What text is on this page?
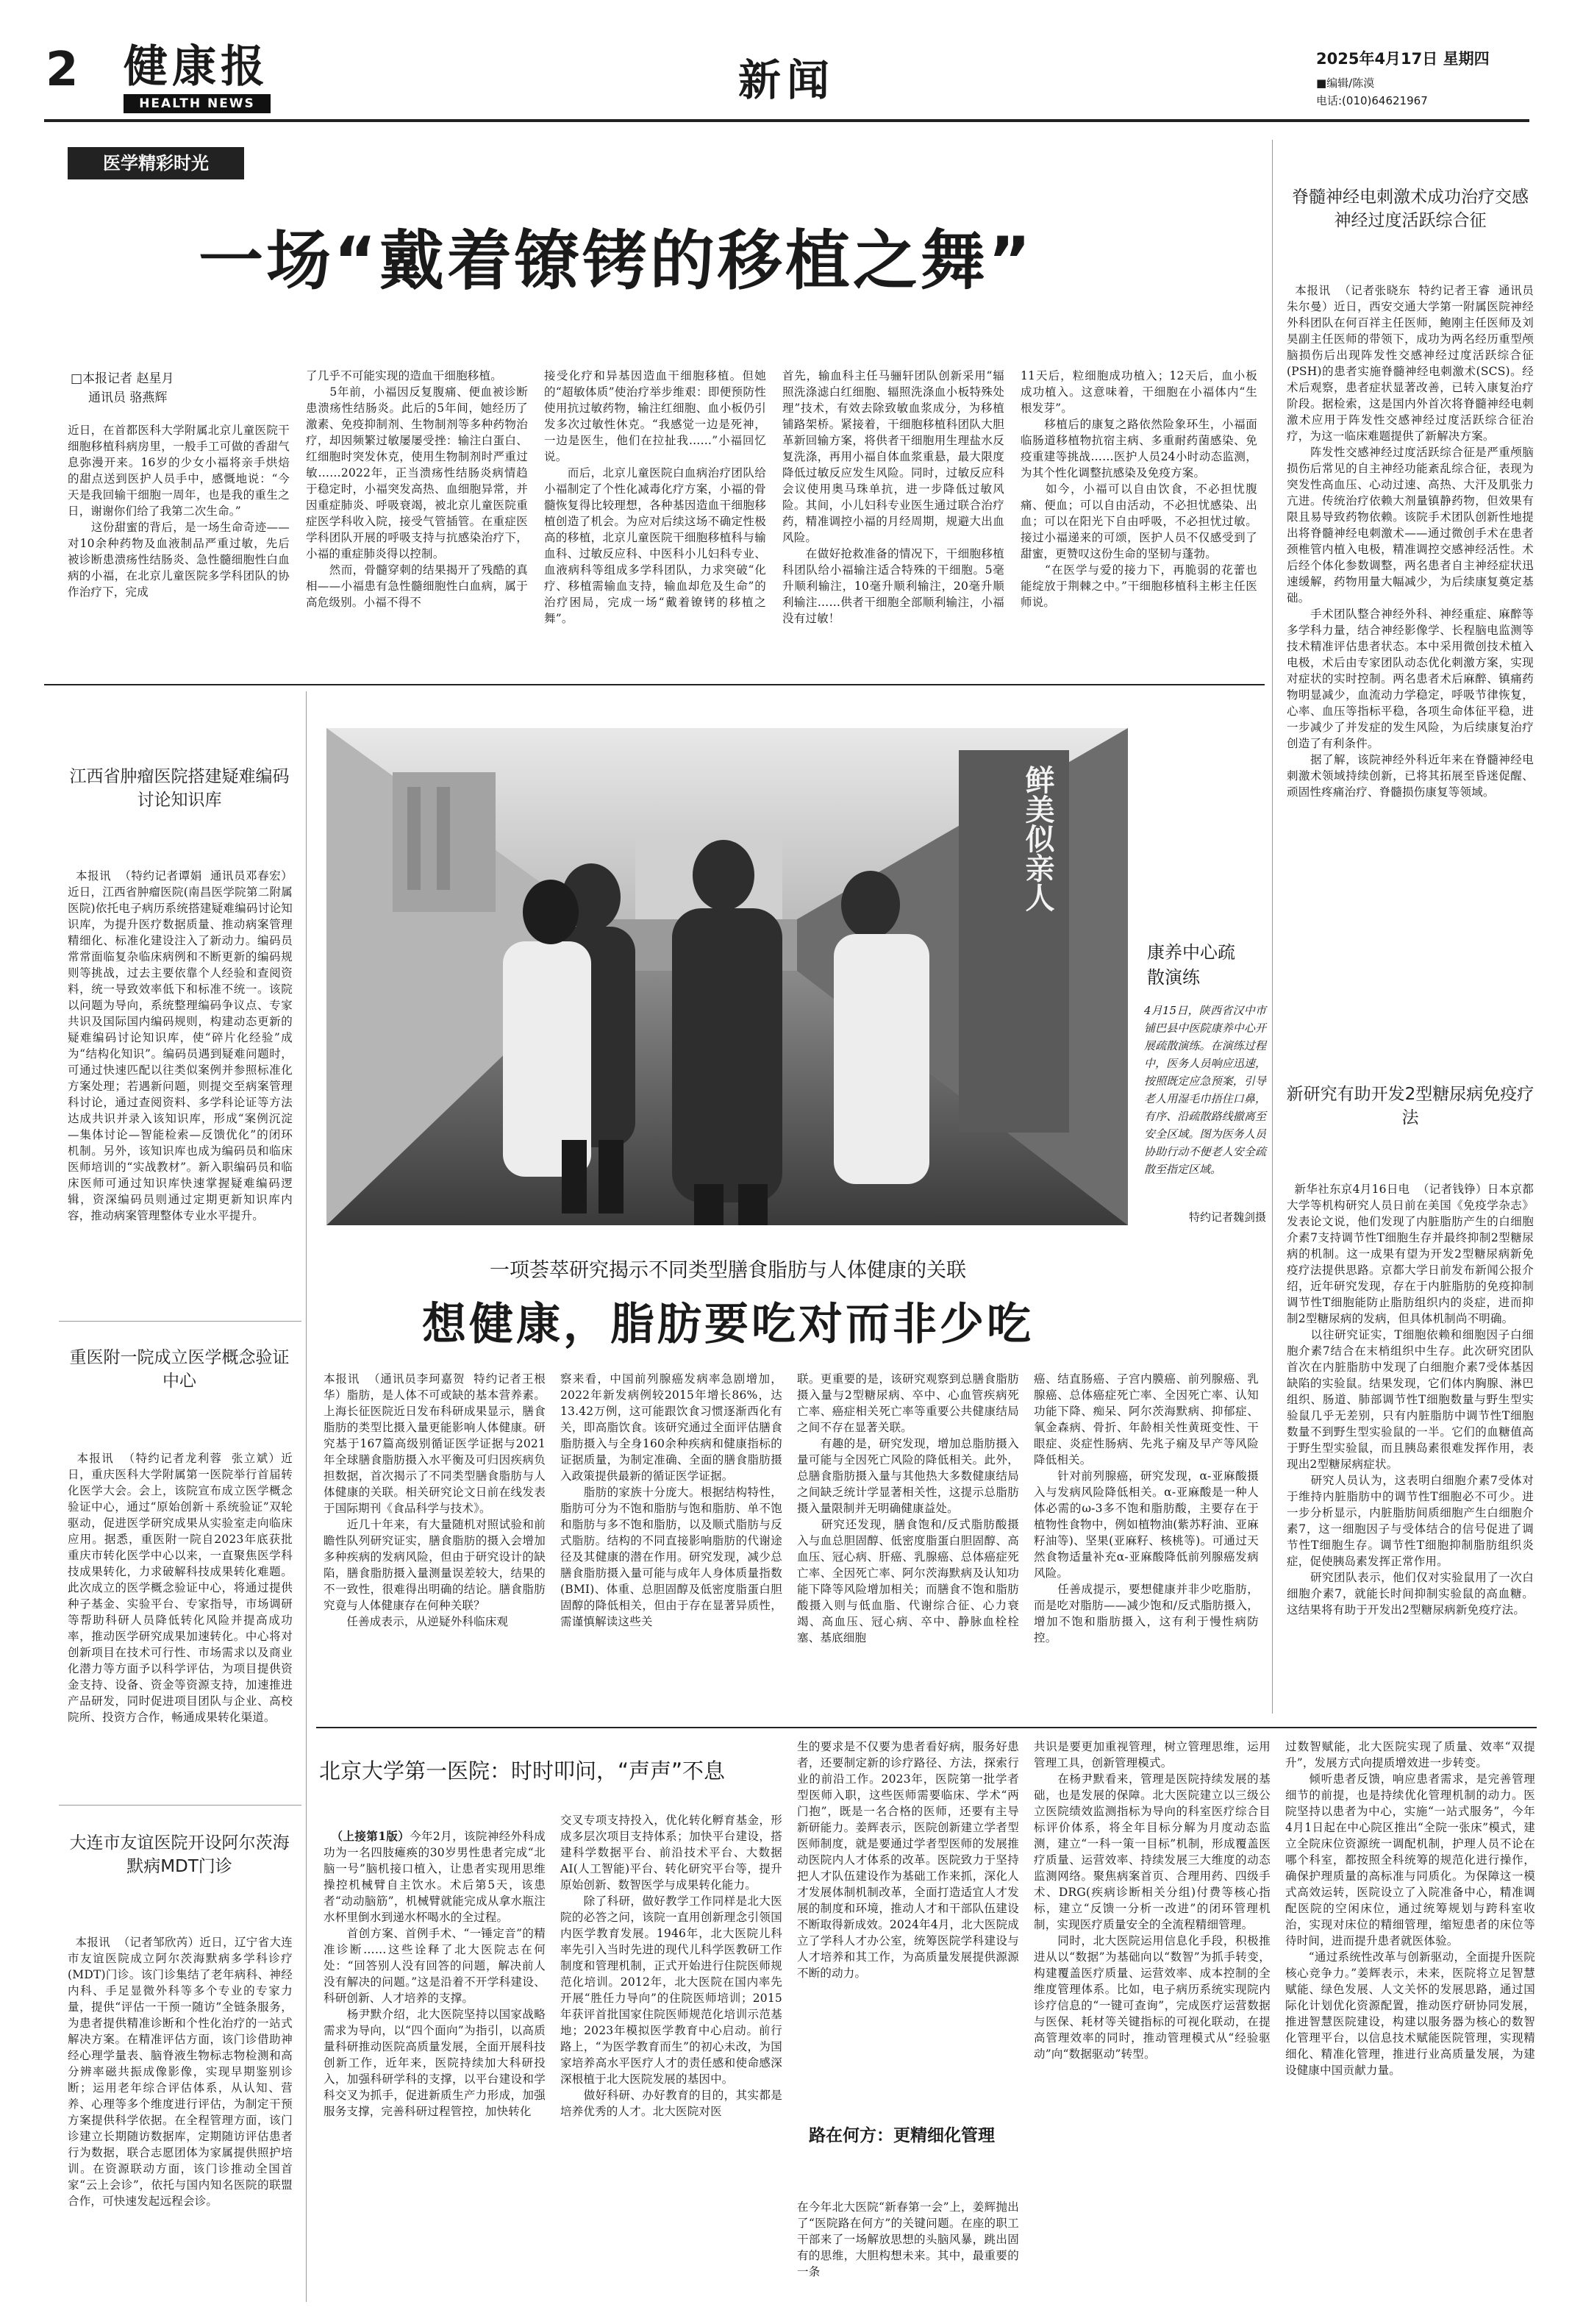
2 健康报
HEALTH NEWS	新闻	2025年4月17日 星期四
■编辑/陈漠
电话:(010)64621967
医学精彩时光
一场“戴着镣铐的移植之舞”
□本报记者 赵星月
通讯员 骆燕辉
近日，在首都医科大学附属北京儿童医院干细胞移植科病房里，一般手工可做的香甜气息弥漫开来。16岁的少女小福将亲手烘焙的甜点送到医护人员手中，感慨地说：“今天是我回输干细胞一周年，也是我的重生之日，谢谢你们给了我第二次生命。”
　　这份甜蜜的背后，是一场生命奇迹——对10余种药物及血液制品严重过敏，先后被诊断患溃疡性结肠炎、急性髓细胞性白血病的小福，在北京儿童医院多学科团队的协作治疗下，完成
了几乎不可能实现的造血干细胞移植。
　　5年前，小福因反复腹痛、便血被诊断患溃疡性结肠炎。此后的5年间，她经历了激素、免疫抑制剂、生物制剂等多种药物治疗，却因频繁过敏屡屡受挫：输注白蛋白、红细胞时突发休克，使用生物制剂时严重过敏……2022年，正当溃疡性结肠炎病情趋于稳定时，小福突发高热、血细胞异常，并因重症肺炎、呼吸衰竭，被北京儿童医院重症医学科收入院，接受气管插管。在重症医学科团队开展的呼吸支持与抗感染治疗下，小福的重症肺炎得以控制。
　　然而，骨髓穿刺的结果揭开了残酷的真相——小福患有急性髓细胞性白血病，属于高危级别。小福不得不
接受化疗和异基因造血干细胞移植。但她的“超敏体质”使治疗举步维艰：即便预防性使用抗过敏药物，输注红细胞、血小板仍引发多次过敏性休克。“我感觉一边是死神，一边是医生，他们在拉扯我……”小福回忆说。
　　而后，北京儿童医院白血病治疗团队给小福制定了个性化减毒化疗方案，小福的骨髓恢复得比较理想，各种基因造血干细胞移植创造了机会。为应对后续这场不确定性极高的移植，北京儿童医院干细胞移植科与输血科、过敏反应科、中医科小儿妇科专业、血液病科等组成多学科团队，力求突破“化疗、移植需输血支持，输血却危及生命”的治疗困局，完成一场“戴着镣铐的移植之舞”。
首先，输血科主任马骊轩团队创新采用“辐照洗涤滤白红细胞、辐照洗涤血小板特殊处理”技术，有效去除致敏血浆成分，为移植铺路架桥。紧接着，干细胞移植科团队大胆革新回输方案，将供者干细胞用生理盐水反复洗涤，再用小福自体血浆重悬，最大限度降低过敏反应发生风险。同时，过敏反应科会议使用奥马珠单抗，进一步降低过敏风险。其间，小儿妇科专业医生通过联合治疗药，精准调控小福的月经周期，规避大出血风险。
　　在做好抢救准备的情况下，干细胞移植科团队给小福输注适合特殊的干细胞。5毫升顺利输注，10毫升顺利输注，20毫升顺利输注……供者干细胞全部顺利输注，小福没有过敏！
11天后，粒细胞成功植入；12天后，血小板成功植入。这意味着，干细胞在小福体内“生根发芽”。
　　移植后的康复之路依然险象环生，小福面临肠道移植物抗宿主病、多重耐药菌感染、免疫重建等挑战……医护人员24小时动态监测，为其个性化调整抗感染及免疫方案。
　　如今，小福可以自由饮食，不必担忧腹痛、便血；可以自由活动，不必担忧感染、出血；可以在阳光下自由呼吸，不必担忧过敏。接过小福递来的可颂，医护人员不仅感受到了甜蜜，更赞叹这份生命的坚韧与蓬勃。
　　“在医学与爱的接力下，再脆弱的花蕾也能绽放于荆棘之中。”干细胞移植科主彬主任医师说。
脊髓神经电刺激术成功治疗交感神经过度活跃综合征

本报讯  （记者张晓东  特约记者王睿  通讯员朱尔曼）近日，西安交通大学第一附属医院神经外科团队在何百祥主任医师，鲍刚主任医师及刘昊副主任医师的带领下，成功为两名经历重型颅脑损伤后出现阵发性交感神经过度活跃综合征(PSH)的患者实施脊髓神经电刺激术(SCS)。经术后观察，患者症状显著改善，已转入康复治疗阶段。据检索，这是国内外首次将脊髓神经电刺激术应用于阵发性交感神经过度活跃综合征治疗，为这一临床难题提供了新解决方案。
　　阵发性交感神经过度活跃综合征是严重颅脑损伤后常见的自主神经功能紊乱综合征，表现为突发性高血压、心动过速、高热、大汗及肌张力亢进。传统治疗依赖大剂量镇静药物，但效果有限且易导致药物依赖。该院手术团队创新性地提出将脊髓神经电刺激术——通过微创手术在患者颈椎管内植入电极，精准调控交感神经活性。术后经个体化参数调整，两名患者自主神经症状迅速缓解，药物用量大幅减少，为后续康复奠定基础。
　　手术团队整合神经外科、神经重症、麻醉等多学科力量，结合神经影像学、长程脑电监测等技术精准评估患者状态。本中采用微创技术植入电极，术后由专家团队动态优化刺激方案，实现对症状的实时控制。两名患者术后麻醉、镇痛药物明显减少，血流动力学稳定，呼吸节律恢复，心率、血压等指标平稳，各项生命体征平稳，进一步减少了并发症的发生风险，为后续康复治疗创造了有利条件。
　　据了解，该院神经外科近年来在脊髓神经电刺激术领域持续创新，已将其拓展至昏迷促醒、顽固性疼痛治疗、脊髓损伤康复等领域。

新研究有助开发2型糖尿病免疫疗法

新华社东京4月16日电  （记者钱铮）日本京都大学等机构研究人员日前在美国《免疫学杂志》发表论文说，他们发现了内脏脂肪产生的白细胞介素7支持调节性T细胞生存并最终抑制2型糖尿病的机制。这一成果有望为开发2型糖尿病新免疫疗法提供思路。京都大学日前发布新闻公报介绍，近年研究发现，存在于内脏脂肪的免疫抑制调节性T细胞能防止脂肪组织内的炎症，进而抑制2型糖尿病的发病，但具体机制尚不明确。
　　以往研究证实，T细胞依赖和细胞因子白细胞介素7结合在末梢组织中生存。此次研究团队首次在内脏脂肪中发现了白细胞介素7受体基因缺陷的实验鼠。结果发现，它们体内胸腺、淋巴组织、肠道、肺部调节性T细胞数量与野生型实验鼠几乎无差别，只有内脏脂肪中调节性T细胞数量不到野生型实验鼠的一半。它们的血糖值高于野生型实验鼠，而且胰岛素很难发挥作用，表现出2型糖尿病症状。
　　研究人员认为，这表明白细胞介素7受体对于维持内脏脂肪中的调节性T细胞必不可少。进一步分析显示，内脏脂肪间质细胞产生白细胞介素7，这一细胞因子与受体结合的信号促进了调节性T细胞生存。调节性T细胞抑制脂肪组织炎症，促使胰岛素发挥正常作用。
　　研究团队表示，他们仅对实验鼠用了一次白细胞介素7，就能长时间抑制实验鼠的高血糖。这结果将有助于开发出2型糖尿病新免疫疗法。

江西省肿瘤医院搭建疑难编码讨论知识库

本报讯  （特约记者谭娟  通讯员邓春宏）近日，江西省肿瘤医院(南昌医学院第二附属医院)依托电子病历系统搭建疑难编码讨论知识库，为提升医疗数据质量、推动病案管理精细化、标准化建设注入了新动力。编码员常常面临复杂临床病例和不断更新的编码规则等挑战，过去主要依靠个人经验和查阅资料，统一导致效率低下和标准不统一。该院以问题为导向，系统整理编码争议点、专家共识及国际国内编码规则，构建动态更新的疑难编码讨论知识库，使“碎片化经验”成为“结构化知识”。编码员遇到疑难问题时，可通过快速匹配以往类似案例并参照标准化方案处理；若遇新问题，则提交至病案管理科讨论，通过查阅资料、多学科论证等方法达成共识并录入该知识库，形成“案例沉淀—集体讨论—智能检索—反馈优化”的闭环机制。另外，该知识库也成为编码员和临床医师培训的“实战教材”。新入职编码员和临床医师可通过知识库快速掌握疑难编码逻辑，资深编码员则通过定期更新知识库内容，推动病案管理整体专业水平提升。

重医附一院成立医学概念验证中心

本报讯  （特约记者龙利蓉  张立斌）近日，重庆医科大学附属第一医院举行首届转化医学大会。会上，该院宣布成立医学概念验证中心，通过“原始创新＋系统验证”双轮驱动，促进医学研究成果从实验室走向临床应用。据悉，重医附一院自2023年底获批重庆市转化医学中心以来，一直聚焦医学科技成果转化，力求破解科技成果转化难题。此次成立的医学概念验证中心，将通过提供种子基金、实验平台、专家指导，市场调研等帮助科研人员降低转化风险并提高成功率，推动医学研究成果加速转化。中心将对创新项目在技术可行性、市场需求以及商业化潜力等方面予以科学评估，为项目提供资金支持、设备、资金等资源支持，加速推进产品研发，同时促进项目团队与企业、高校院所、投资方合作，畅通成果转化渠道。

大连市友谊医院开设阿尔茨海默病MDT门诊

本报讯  （记者邹欣芮）近日，辽宁省大连市友谊医院成立阿尔茨海默病多学科诊疗(MDT)门诊。该门诊集结了老年病科、神经内科、手足显微外科等多个专业的专家力量，提供“评估一干预一随访”全链条服务，为患者提供精准诊断和个性化治疗的一站式解决方案。在精准评估方面，该门诊借助神经心理学量表、脑脊液生物标志物检测和高分辨率磁共振成像影像，实现早期鉴别诊断；运用老年综合评估体系，从认知、营养、心理等多个维度进行评估，为制定干预方案提供科学依据。在全程管理方面，该门诊建立长期随访数据库，定期随访评估患者行为数据，联合志愿团体为家属提供照护培训。在资源联动方面，该门诊推动全国首家“云上会诊”，依托与国内知名医院的联盟合作，可快速发起远程会诊。

鲜美似亲人
康养中心疏散演练
4月15日，陕西省汉中市铺巴县中医院康养中心开展疏散演练。在演练过程中，医务人员响应迅速，按照既定应急预案，引导老人用湿毛巾捂住口鼻，有序、沿疏散路线撤离至安全区域。图为医务人员协助行动不便老人安全疏散至指定区域。
特约记者魏剑摄
一项荟萃研究揭示不同类型膳食脂肪与人体健康的关联
想健康，脂肪要吃对而非少吃
本报讯  （通讯员李珂嘉贺  特约记者王根华）脂肪，是人体不可或缺的基本营养素。上海长征医院近日发布科研成果显示，膳食脂肪的类型比摄入量更能影响人体健康。研究基于167篇高级别循证医学证据与2021年全球膳食脂肪摄入水平衡及可归因疾病负担数据，首次揭示了不同类型膳食脂肪与人体健康的关联。相关研究论文日前在线发表于国际期刊《食品科学与技术》。
　　近几十年来，有大量随机对照试验和前瞻性队列研究证实，膳食脂肪的摄入会增加多种疾病的发病风险，但由于研究设计的缺陷，膳食脂肪摄入量测量误差较大，结果的不一致性，很难得出明确的结论。膳食脂肪究竟与人体健康存在何种关联？
　　任善成表示，从逆疑外科临床观
察来看，中国前列腺癌发病率急剧增加，2022年新发病例较2015年增长86%，达13.42万例，这可能跟饮食习惯逐渐西化有关，即高脂饮食。该研究通过全面评估膳食脂肪摄入与全身160余种疾病和健康指标的证据质量，为制定准确、全面的膳食脂肪摄入政策提供最新的循证医学证据。
　　脂肪的家族十分庞大。根据结构特性，脂肪可分为不饱和脂肪与饱和脂肪、单不饱和脂肪与多不饱和脂肪，以及顺式脂肪与反式脂肪。结构的不同直接影响脂肪的代谢途径及其健康的潜在作用。研究发现，减少总膳食脂肪摄入量可能与成年人身体质量指数(BMI)、体重、总胆固醇及低密度脂蛋白胆固醇的降低相关，但由于存在显著异质性，需谨慎解读这些关
联。更重要的是，该研究观察到总膳食脂肪摄入量与2型糖尿病、卒中、心血管疾病死亡率、癌症相关死亡率等重要公共健康结局之间不存在显著关联。
　　有趣的是，研究发现，增加总脂肪摄入量可能与全因死亡风险的降低相关。此外，总膳食脂肪摄入量与其他热大多数健康结局之间缺乏统计学显著相关性，这提示总脂肪摄入量限制并无明确健康益处。
　　研究还发现，膳食饱和/反式脂肪酸摄入与血总胆固醇、低密度脂蛋白胆固醇、高血压、冠心病、肝癌、乳腺癌、总体癌症死亡率、全因死亡率、阿尔茨海默病及认知功能下降等风险增加相关；而膳食不饱和脂肪酸摄入则与低血脂、代谢综合征、心力衰竭、高血压、冠心病、卒中、静脉血栓栓塞、基底细胞
癌、结直肠癌、子宫内膜癌、前列腺癌、乳腺癌、总体癌症死亡率、全因死亡率、认知功能下降、痴呆、阿尔茨海默病、抑郁症、氧金森病、骨折、年龄相关性黄斑变性、干眼症、炎症性肠病、先兆子痫及早产等风险降低相关。
　　针对前列腺癌，研究发现，α-亚麻酸摄入与发病风险降低相关。α-亚麻酸是一种人体必需的ω-3多不饱和脂肪酸，主要存在于植物性食物中，例如植物油(紫苏籽油、亚麻籽油等)、坚果(亚麻籽、核桃等)。可通过天然食物适量补充α-亚麻酸降低前列腺癌发病风险。
　　任善成提示，要想健康并非少吃脂肪，而是吃对脂肪——减少饱和/反式脂肪摄入，增加不饱和脂肪摄入，这有利于慢性病防控。
北京大学第一医院：时时叩问，“声声”不息

（上接第1版）今年2月，该院神经外科成功为一名四肢瘫痪的30岁男性患者完成“北脑一号”脑机接口植入，让患者实现用思维操控机械臂自主饮水。术后第5天，该患者“动动脑筋”，机械臂就能完成从拿水瓶注水杯里倒水到递水杯喝水的全过程。
　　首创方案、首例手术、“一锤定音”的精准诊断……这些诠释了北大医院志在何处：“回答别人没有回答的问题，解决前人没有解决的问题。”这是沿着不开学科建设、科研创新、人才培养的支撑。
　　杨尹默介绍，北大医院坚持以国家战略需求为导向，以“四个面向”为指引，以高质量科研推动医院高质量发展，全面开展科技创新工作，近年来，医院持续加大科研投入，加强科研学科的支撑，以平台建设和学科交叉为抓手，促进新质生产力形成，加强服务支撑，完善科研过程管控，加快转化

交叉专项支持投入，优化转化孵育基金，形成多层次项目支持体系；加快平台建设，搭建科学数据平台、前沿技术平台、大数据AI(人工智能)平台、转化研究平台等，提升原始创新、数智医学与成果转化能力。
　　除了科研，做好教学工作同样是北大医院的必答之问，该院一直用创新理念引领国内医学教育发展。1946年，北大医院儿科率先引入当时先进的现代儿科学医教研工作制度和管理机制，正式开始进行住院医师规范化培训。2012年，北大医院在国内率先开展“胜任力导向”的住院医师培训；2015年获评首批国家住院医师规范化培训示范基地；2023年模拟医学教育中心启动。前行路上，“为医学教育而生”的初心未改，为国家培养高水平医疗人才的责任感和使命感深深根植于北大医院发展的基因中。
　　做好科研、办好教育的目的，其实都是培养优秀的人才。北大医院对医
生的要求是不仅要为患者看好病，服务好患者，还要制定新的诊疗路径、方法，探索行业的前沿工作。2023年，医院第一批学者型医师入职，这些医师需要临床、学术“两门抱”，既是一名合格的医师，还要有主导新研能力。姜辉表示，医院创新建立学者型医师制度，就是要通过学者型医师的发展推动医院内人才体系的改革。医院致力于坚持把人才队伍建设作为基础工作来抓，深化人才发展体制机制改革，全面打造适宜人才发展的制度和环境，推动人才和干部队伍建设不断取得新成效。2024年4月，北大医院成立了学科人才办公室，统筹医院学科建设与人才培养和其工作，为高质量发展提供源源不断的动力。
路在何方：更精细化管理
在今年北大医院“新春第一会”上，姜辉抛出了“医院路在何方”的关键问题。在座的职工干部来了一场解放思想的头脑风暴，跳出固有的思维，大胆构想未来。其中，最重要的一条
共识是要更加重视管理，树立管理思维，运用管理工具，创新管理模式。
　　在杨尹默看来，管理是医院持续发展的基础，也是发展的保障。北大医院建立以三级公立医院绩效监测指标为导向的科室医疗综合目标评价体系，将全年目标分解为月度动态监测，建立“一科一策一目标”机制，形成覆盖医疗质量、运营效率、持续发展三大维度的动态监测网络。聚焦病案首页、合理用药、四级手术、DRG(疾病诊断相关分组)付费等核心指标，建立“反馈一分析一改进”的闭环管理机制，实现医疗质量安全的全流程精细管理。
　　同时，北大医院运用信息化手段，积极推进从以“数据”为基础向以“数智”为抓手转变，构建覆盖医疗质量、运营效率、成本控制的全维度管理体系。比如，电子病历系统实现院内诊疗信息的“一键可查询”，完成医疗运营数据与医保、耗材等关键指标的可视化联动，在提高管理效率的同时，推动管理模式从“经验驱动”向“数据驱动”转型。
过数智赋能，北大医院实现了质量、效率“双提升”，发展方式向提质增效进一步转变。
　　倾听患者反馈，响应患者需求，是完善管理细节的前提，也是持续优化管理机制的动力。医院坚持以患者为中心，实施“一站式服务”，今年4月1日起在中心院区推出“全院一张床”模式，建立全院床位资源统一调配机制，护理人员不论在哪个科室，都按照全科统筹的规范化进行操作，确保护理质量的高标准与同质化。为保障这一模式高效运转，医院设立了入院准备中心，精准调配医院的空闲床位，通过统筹规划与跨科室收治，实现对床位的精细管理，缩短患者的床位等待时间，进而提升患者就医体验。
　　“通过系统性改革与创新驱动，全面提升医院核心竞争力。”姜辉表示，未来，医院将立足智慧赋能、绿色发展、人文关怀的发展思路，通过国际化计划优化资源配置，推动医疗研协同发展，推进智慧医院建设，构建以服务器为核心的数智化管理平台，以信息技术赋能医院管理，实现精细化、精准化管理，推进行业高质量发展，为建设健康中国贡献力量。
